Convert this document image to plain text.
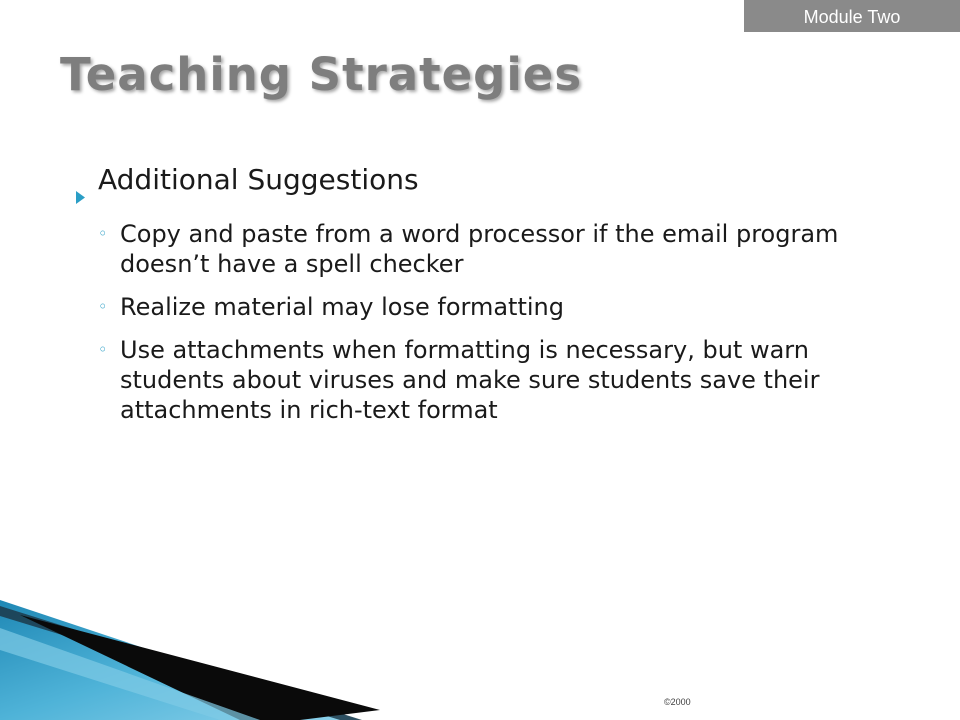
Module Two
Teaching Strategies
Additional Suggestions
◦ Copy and paste from a word processor if the email program doesn’t have a spell checker
◦ Realize material may lose formatting
◦ Use attachments when formatting is necessary, but warn students about viruses and make sure students save their attachments in rich-text format
©2000
